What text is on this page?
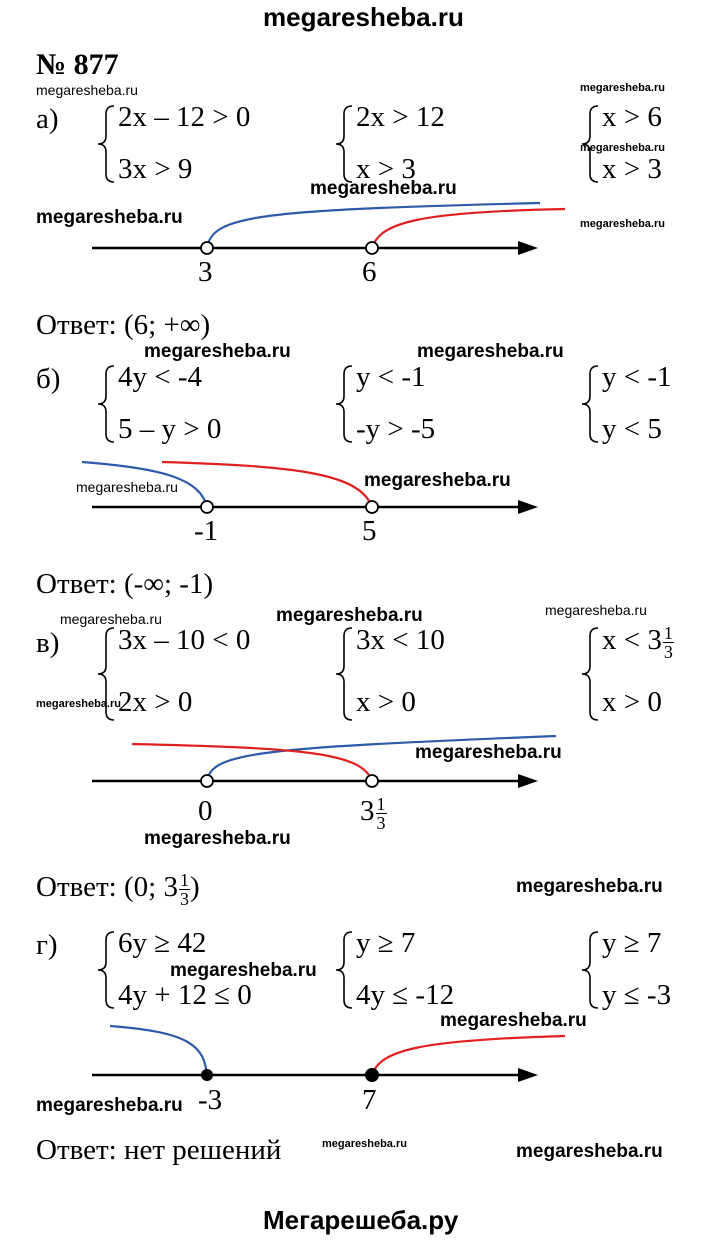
megaresheba.ru
Мегарешеба.ру
№ 877
а) 2x – 12 > 0
3x > 9
2x > 12
x > 3
x > 6
x > 3
3	6
Ответ: (6; +∞)
б) 4y < -4
5 – y > 0
y < -1
-y > -5
y < -1
y < 5
-1	5
Ответ: (-∞; -1)
в) 3x – 10 < 0
2x > 0
3x < 10
x > 0
$x < 3 \frac{1}{3}$
x > 0
0	$3 \frac{1}{3}$
Ответ: (0; $3 \frac{1}{3}$ )
г) 6y ≥ 42
4y + 12 ≤ 0
y ≥ 7
4y ≤ -12
y ≥ 7
y ≤ -3
-3	7
Ответ: нет решений
megaresheba.ru	megaresheba.ru
megaresheba.ru
megaresheba.ru
megaresheba.ru	megaresheba.ru
megaresheba.ru	megaresheba.ru
megaresheba.ru	megaresheba.ru
megaresheba.ru	megaresheba.ru	megaresheba.ru
megaresheba.ru
megaresheba.ru
megaresheba.ru
megaresheba.ru
megaresheba.ru
megaresheba.ru
megaresheba.ru
megaresheba.ru	megaresheba.ru
